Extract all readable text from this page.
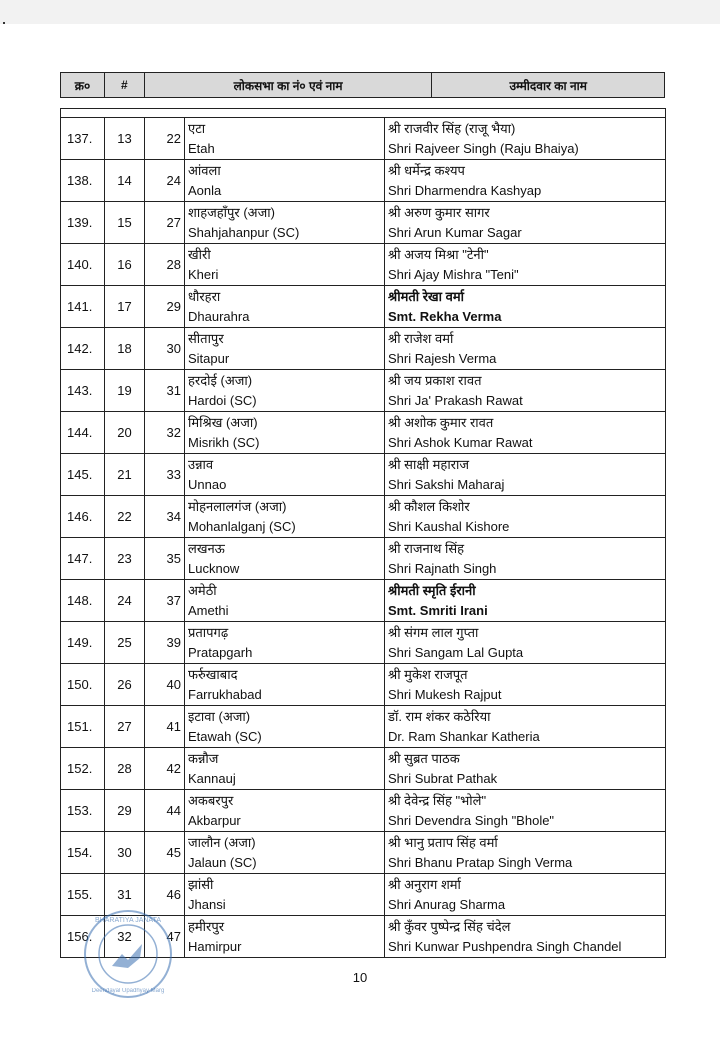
क्र०	#	लोकसभा का नं० एवं नाम	उम्मीदवार का नाम

137.	13	22	एटा
Etah	श्री राजवीर सिंह (राजू भैया)
Shri Rajveer Singh (Raju Bhaiya)

138.	14	24	आंवला
Aonla	श्री धर्मेन्द्र कश्यप
Shri Dharmendra Kashyap

139.	15	27	शाहजहाँपुर (अजा)
Shahjahanpur (SC)	श्री अरुण कुमार सागर
Shri Arun Kumar Sagar

140.	16	28	खीरी
Kheri	श्री अजय मिश्रा "टेनी"
Shri Ajay Mishra "Teni"

141.	17	29	धौरहरा
Dhaurahra	श्रीमती रेखा वर्मा
Smt. Rekha Verma

142.	18	30	सीतापुर
Sitapur	श्री राजेश वर्मा
Shri Rajesh Verma

143.	19	31	हरदोई (अजा)
Hardoi (SC)	श्री जय प्रकाश रावत
Shri Ja' Prakash Rawat

144.	20	32	मिश्रिख (अजा)
Misrikh (SC)	श्री अशोक कुमार रावत
Shri Ashok Kumar Rawat

145.	21	33	उन्नाव
Unnao	श्री साक्षी महाराज
Shri Sakshi Maharaj

146.	22	34	मोहनलालगंज (अजा)
Mohanlalganj (SC)	श्री कौशल किशोर
Shri Kaushal Kishore

147.	23	35	लखनऊ
Lucknow	श्री राजनाथ सिंह
Shri Rajnath Singh

148.	24	37	अमेठी
Amethi	श्रीमती स्मृति ईरानी
Smt. Smriti Irani

149.	25	39	प्रतापगढ़
Pratapgarh	श्री संगम लाल गुप्ता
Shri Sangam Lal Gupta

150.	26	40	फर्रुखाबाद
Farrukhabad	श्री मुकेश राजपूत
Shri Mukesh Rajput

151.	27	41	इटावा (अजा)
Etawah (SC)	डॉ. राम शंकर कठेरिया
Dr. Ram Shankar Katheria

152.	28	42	कन्नौज
Kannauj	श्री सुब्रत पाठक
Shri Subrat Pathak

153.	29	44	अकबरपुर
Akbarpur	श्री देवेन्द्र सिंह "भोले"
Shri Devendra Singh "Bhole"

154.	30	45	जालौन (अजा)
Jalaun (SC)	श्री भानु प्रताप सिंह वर्मा
Shri Bhanu Pratap Singh Verma

155.	31	46	झांसी
Jhansi	श्री अनुराग शर्मा
Shri Anurag Sharma

156.	32	47	हमीरपुर
Hamirpur	श्री कुँवर पुष्पेन्द्र सिंह चंदेल
Shri Kunwar Pushpendra Singh Chandel
BHARATIYA JANATA
Deendayal Upadhyay Marg
10
